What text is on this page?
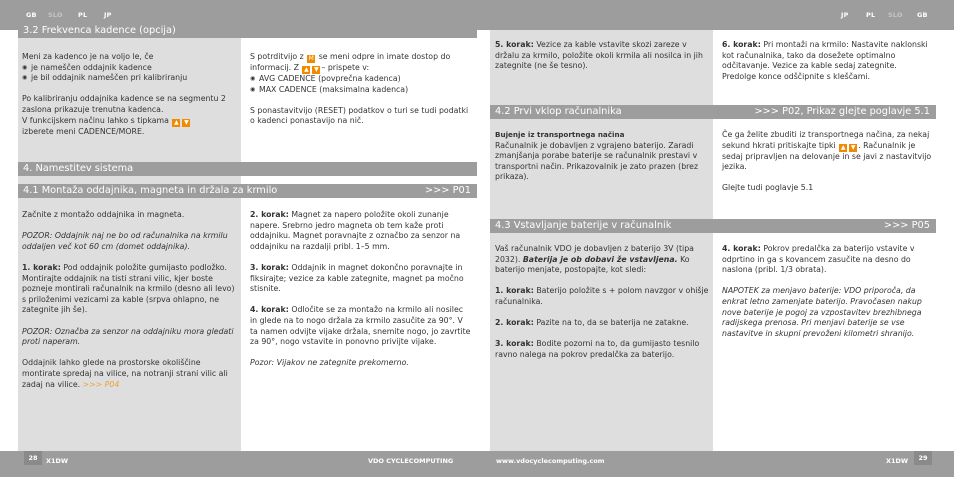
GB SLO PL	JP	JP	PL SLO GB
3.2 Frekvenca kadence (opcija)

Meni za kadenco je na voljo le, če

◉ je nameščen oddajnik kadence
◉ je bil oddajnik nameščen pri kalibriranju

Po kalibriranju oddajnika kadence se na segmentu 2 zaslona prikazuje trenutna kadenca.

V funkcijskem načinu lahko s tipkama ▲ ▼

izberete meni CADENCE/MORE.

S potrditvijo z M se meni odpre in imate dostop do informacij. Z ▲ ▼ – prispete v:

◉ AVG CADENCE (povprečna kadenca)
◉ MAX CADENCE (maksimalna kadenca)

S ponastavitvijo (RESET) podatkov o turi se tudi podatki o kadenci ponastavijo na nič.

4. Namestitev sistema
4.1 Montaža oddajnika, magneta in držala za krmilo	>>> P01

Začnite z montažo oddajnika in magneta.

POZOR: Oddajnik naj ne bo od računalnika na krmilu oddaljen več kot 60 cm (domet oddajnika).

1. korak: Pod oddajnik položite gumijasto podložko. Montirajte oddajnik na tisti strani vilic, kjer boste pozneje montirali računalnik na krmilo (desno ali levo) s priloženimi vezicami za kable (srpva ohlapno, ne zategnite jih še).

POZOR: Označba za senzor na oddajniku mora gledati proti naperam.

Oddajnik lahko glede na prostorske okoliščine montirate spredaj na vilice, na notranji strani vilic ali zadaj na vilice. >>> P04

2. korak: Magnet za napero položite okoli zunanje napere. Srebrno jedro magneta ob tem kaže proti oddajniku. Magnet poravnajte z označbo za senzor na oddajniku na razdalji pribl. 1–5 mm.

3. korak: Oddajnik in magnet dokončno poravnajte in fiksirajte; vezice za kable zategnite, magnet pa močno stisnite.

4. korak: Odločite se za montažo na krmilo ali nosilec in glede na to nogo držala za krmilo zasučite za 90°. V ta namen odvijte vijake držala, snemite nogo, jo zavrtite za 90°, nogo vstavite in ponovno privijte vijake.

Pozor: Vijakov ne zategnite prekomerno.

5. korak: Vezice za kable vstavite skozi zareze v držalu za krmilo, položite okoli krmila ali nosilca in jih zategnite (ne še tesno).

6. korak: Pri montaži na krmilo: Nastavite naklonski kot računalnika, tako da dosežete optimalno odčitavanje. Vezice za kable sedaj zategnite. Predolge konce odščipnite s kleščami.

4.2 Prvi vklop računalnika	>>> P02, Prikaz glejte poglavje 5.1

Bujenje iz transportnega načina

Računalnik je dobavljen z vgrajeno baterijo. Zaradi zmanjšanja porabe baterije se računalnik prestavi v transportni način. Prikazovalnik je zato prazen (brez prikaza).

Če ga želite zbuditi iz transportnega načina, za nekaj sekund hkrati pritiskajte tipki ▲ ▼ . Računalnik je sedaj pripravljen na delovanje in se javi z nastavitvijo jezika.

Glejte tudi poglavje 5.1

4.3 Vstavljanje baterije v računalnik	>>> P05

Vaš računalnik VDO je dobavljen z baterijo 3V (tipa 2032). Baterija je ob dobavi že vstavljena. Ko baterijo menjate, postopajte, kot sledi:

1. korak: Baterijo položite s + polom navzgor v ohišje računalnika.

2. korak: Pazite na to, da se baterija ne zatakne.

3. korak: Bodite pozorni na to, da gumijasto tesnilo ravno nalega na pokrov predalčka za baterijo.

4. korak: Pokrov predalčka za baterijo vstavite v odprtino in ga s kovancem zasučite na desno do naslona (pribl. 1/3 obrata).

NAPOTEK za menjavo baterije: VDO priporoča, da enkrat letno zamenjate baterijo. Pravočasen nakup nove baterije je pogoj za vzpostavitev brezhibnega radijskega prenosa. Pri menjavi baterije se vse nastavitve in skupni prevoženi kilometri shranijo.

28	X1DW	VDO CYCLECOMPUTING	www.vdocyclecomputing.com	X1DW	29
